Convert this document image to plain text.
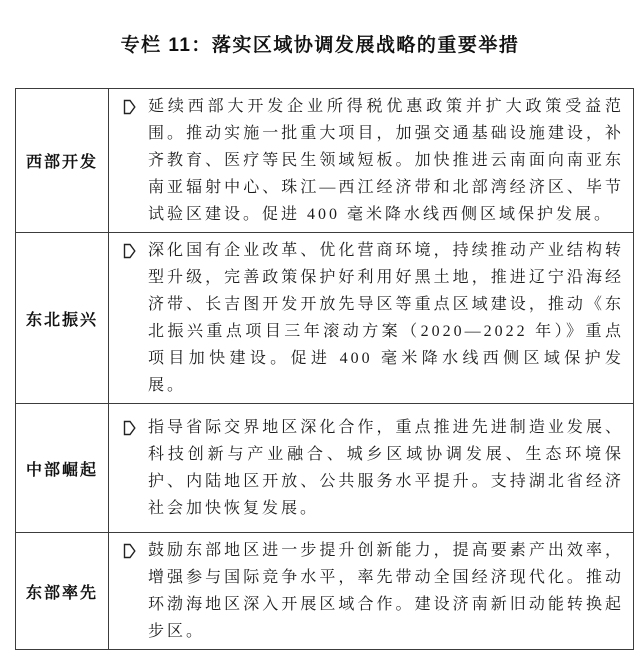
专栏 11：落实区域协调发展战略的重要举措
西部开发

延续西部大开发企业所得税优惠政策并扩大政策受益范围。推动实施一批重大项目，加强交通基础设施建设，补齐教育、医疗等民生领域短板。加快推进云南面向南亚东南亚辐射中心、珠江—西江经济带和北部湾经济区、毕节试验区建设。促进 400 毫米降水线西侧区域保护发展。

东北振兴

深化国有企业改革、优化营商环境，持续推动产业结构转型升级，完善政策保护好利用好黑土地，推进辽宁沿海经济带、长吉图开发开放先导区等重点区域建设，推动《东北振兴重点项目三年滚动方案（2020—2022 年）》重点项目加快建设。促进 400 毫米降水线西侧区域保护发展。

中部崛起

指导省际交界地区深化合作，重点推进先进制造业发展、科技创新与产业融合、城乡区域协调发展、生态环境保护、内陆地区开放、公共服务水平提升。支持湖北省经济社会加快恢复发展。

东部率先

鼓励东部地区进一步提升创新能力，提高要素产出效率，增强参与国际竞争水平，率先带动全国经济现代化。推动环渤海地区深入开展区域合作。建设济南新旧动能转换起步区。
